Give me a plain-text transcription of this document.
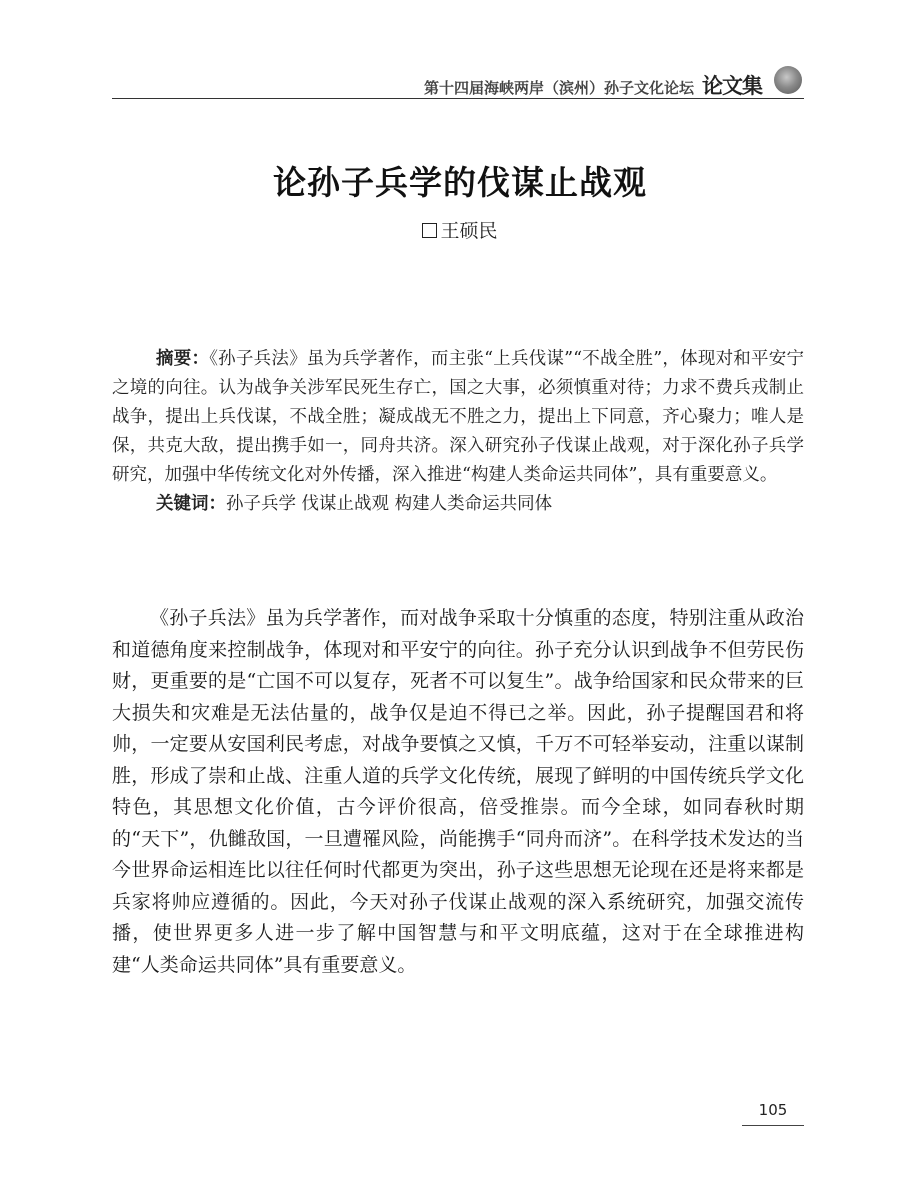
第十四届海峡两岸（滨州）孙子文化论坛 论文集
论孙子兵学的伐谋止战观
王硕民

摘要：《孙子兵法》虽为兵学著作，而主张“上兵伐谋”“不战全胜”，体现对和平安宁之境的向往。认为战争关涉军民死生存亡，国之大事，必须慎重对待；力求不费兵戎制止战争，提出上兵伐谋，不战全胜；凝成战无不胜之力，提出上下同意，齐心聚力；唯人是保，共克大敌，提出携手如一，同舟共济。深入研究孙子伐谋止战观，对于深化孙子兵学研究，加强中华传统文化对外传播，深入推进“构建人类命运共同体”，具有重要意义。

关键词：孙子兵学 伐谋止战观 构建人类命运共同体

《孙子兵法》虽为兵学著作，而对战争采取十分慎重的态度，特别注重从政治和道德角度来控制战争，体现对和平安宁的向往。孙子充分认识到战争不但劳民伤财，更重要的是“亡国不可以复存，死者不可以复生”。战争给国家和民众带来的巨大损失和灾难是无法估量的，战争仅是迫不得已之举。因此，孙子提醒国君和将帅，一定要从安国利民考虑，对战争要慎之又慎，千万不可轻举妄动，注重以谋制胜，形成了崇和止战、注重人道的兵学文化传统，展现了鲜明的中国传统兵学文化特色，其思想文化价值，古今评价很高，倍受推崇。而今全球，如同春秋时期的“天下”，仇雠敌国，一旦遭罹风险，尚能携手“同舟而济”。在科学技术发达的当今世界命运相连比以往任何时代都更为突出，孙子这些思想无论现在还是将来都是兵家将帅应遵循的。因此，今天对孙子伐谋止战观的深入系统研究，加强交流传播，使世界更多人进一步了解中国智慧与和平文明底蕴，这对于在全球推进构建“人类命运共同体”具有重要意义。

105
